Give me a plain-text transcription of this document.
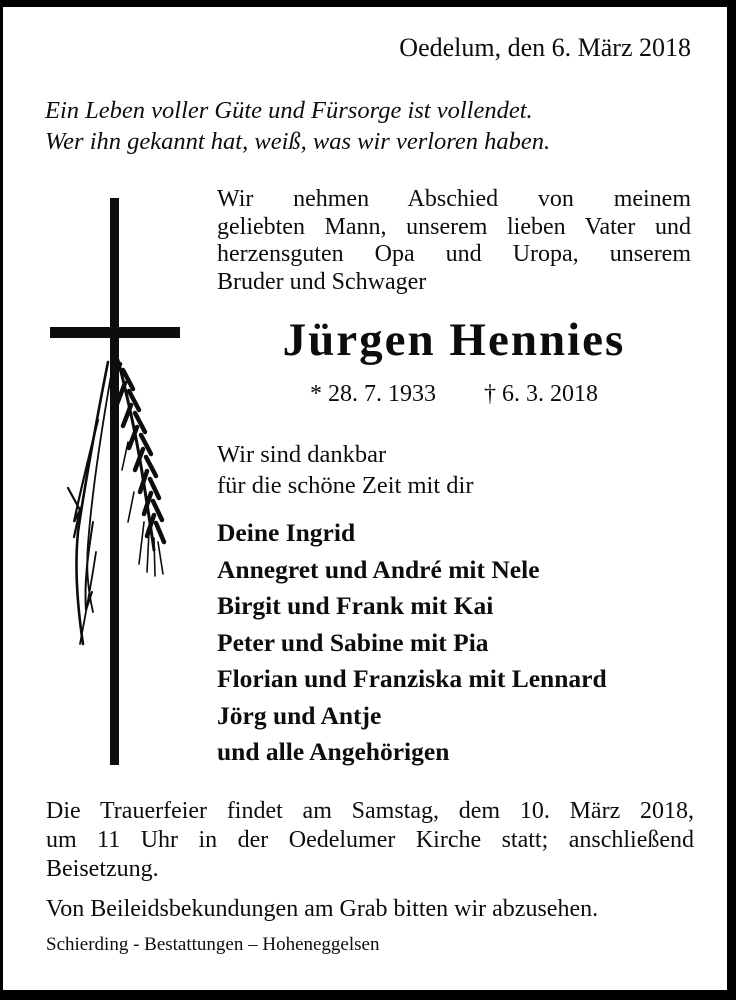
Oedelum, den 6. März 2018
Ein Leben voller Güte und Fürsorge ist vollendet.
Wer ihn gekannt hat, weiß, was wir verloren haben.
Wir nehmen Abschied von meinem
geliebten Mann, unserem lieben Vater und
herzensguten Opa und Uropa, unserem
Bruder und Schwager
Jürgen Hennies
* 28. 7. 1933 † 6. 3. 2018
Wir sind dankbar
für die schöne Zeit mit dir
Deine Ingrid
Annegret und André mit Nele
Birgit und Frank mit Kai
Peter und Sabine mit Pia
Florian und Franziska mit Lennard
Jörg und Antje
und alle Angehörigen
Die Trauerfeier findet am Samstag, dem 10. März 2018,
um 11 Uhr in der Oedelumer Kirche statt; anschließend
Beisetzung.
Von Beileidsbekundungen am Grab bitten wir abzusehen.
Schierding - Bestattungen – Hoheneggelsen
